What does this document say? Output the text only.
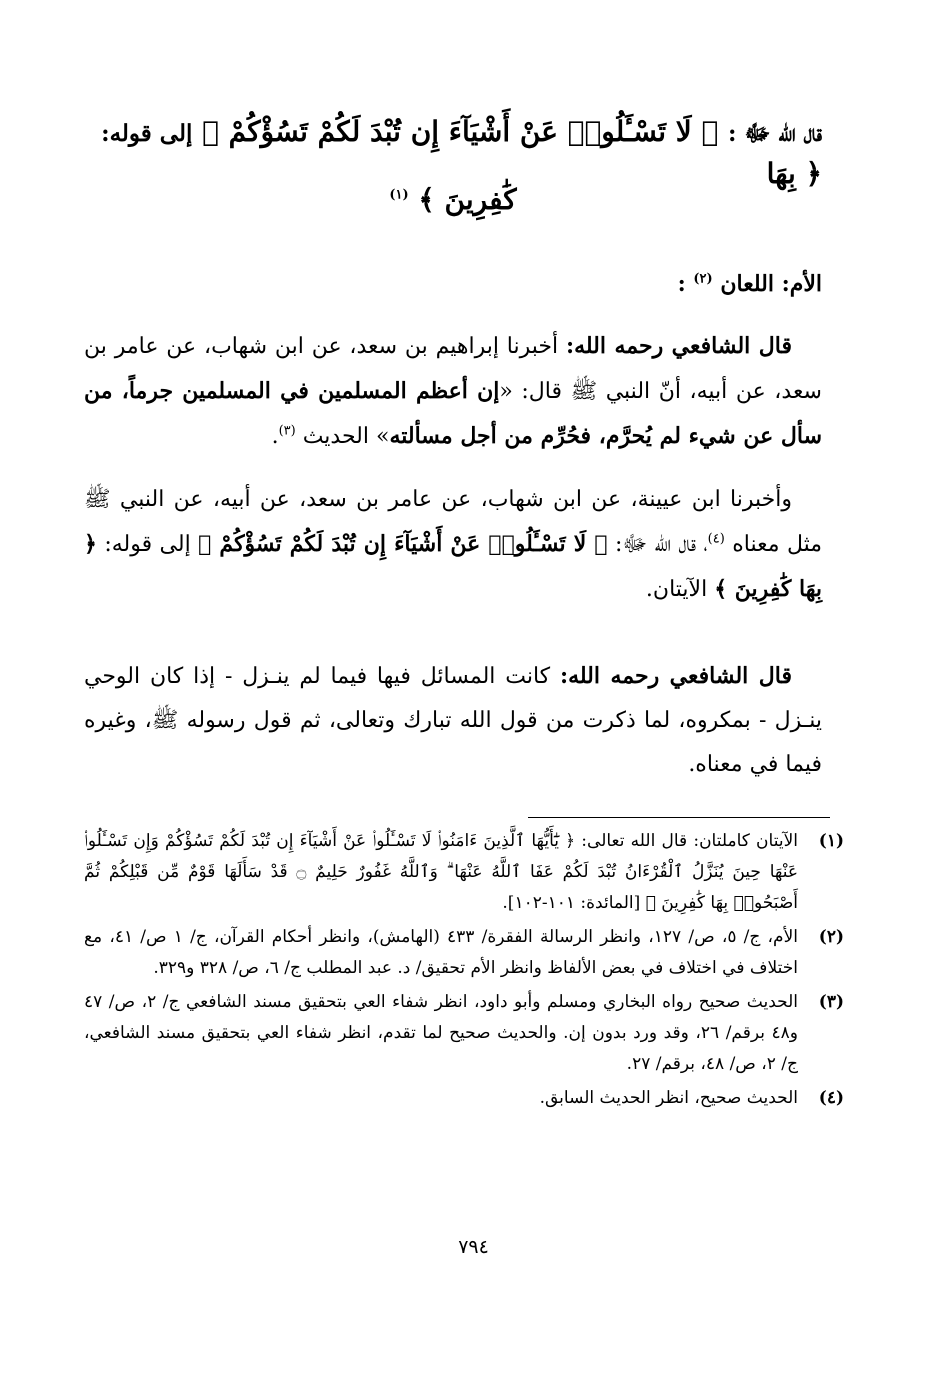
قال الله ﷻ : ﴿ لَا تَسْـَٔلُوا۟ عَنْ أَشْيَآءَ إِن تُبْدَ لَكُمْ تَسُؤْكُمْ ﴾ إلى قوله: ﴿ بِهَا
كَٰفِرِينَ ﴾ $^{(١)}$
الأم: اللعان $^{(٢)}$ :
قال الشافعي رحمه الله: أخبرنا إبراهيم بن سعد، عن ابن شهاب، عن عامر بن سعد، عن أبيه، أنّ النبي ﷺ قال: «إن أعظم المسلمين في المسلمين جرماً، من سأل عن شيء لم يُحرَّم، فحُرِّم من أجل مسألته» الحديث $^{(٣)}$.
وأخبرنا ابن عيينة، عن ابن شهاب، عن عامر بن سعد، عن أبيه، عن النبي ﷺ مثل معناه $^{(٤)}$، قال الله ﷻ: ﴿ لَا تَسْـَٔلُوا۟ عَنْ أَشْيَآءَ إِن تُبْدَ لَكُمْ تَسُؤْكُمْ ﴾ إلى قوله: ﴿ بِهَا كَٰفِرِينَ ﴾ الآيتان.
قال الشافعي رحمه الله: كانت المسائل فيها فيما لم ينـزل - إذا كان الوحي ينـزل - بمكروه، لما ذكرت من قول الله تبارك وتعالى، ثم قول رسوله ﷺ، وغيره فيما في معناه.
(١)
الآيتان كاملتان: قال الله تعالى: ﴿ يَٰٓأَيُّهَا ٱلَّذِينَ ءَامَنُوا۟ لَا تَسْـَٔلُوا۟ عَنْ أَشْيَآءَ إِن تُبْدَ لَكُمْ تَسُؤْكُمْ وَإِن تَسْـَٔلُوا۟ عَنْهَا حِينَ يُنَزَّلُ ٱلْقُرْءَانُ تُبْدَ لَكُمْ عَفَا ٱللَّهُ عَنْهَا ۗ وَٱللَّهُ غَفُورٌ حَلِيمٌ ۝ قَدْ سَأَلَهَا قَوْمٌ مِّن قَبْلِكُمْ ثُمَّ أَصْبَحُوا۟ بِهَا كَٰفِرِينَ ﴾ [المائدة: ١٠١-١٠٢].
(٢)
الأم، ج/ ٥، ص/ ١٢٧، وانظر الرسالة الفقرة/ ٤٣٣ (الهامش)، وانظر أحكام القرآن، ج/ ١ ص/ ٤١، مع اختلاف في اختلاف في بعض الألفاظ وانظر الأم تحقيق/ د. عبد المطلب ج/ ٦، ص/ ٣٢٨ و٣٢٩.
(٣)
الحديث صحيح رواه البخاري ومسلم وأبو داود، انظر شفاء العي بتحقيق مسند الشافعي ج/ ٢، ص/ ٤٧ و٤٨ برقم/ ٢٦، وقد ورد بدون إن. والحديث صحيح لما تقدم، انظر شفاء العي بتحقيق مسند الشافعي، ج/ ٢، ص/ ٤٨، برقم/ ٢٧.
(٤)
الحديث صحيح، انظر الحديث السابق.
٧٩٤
